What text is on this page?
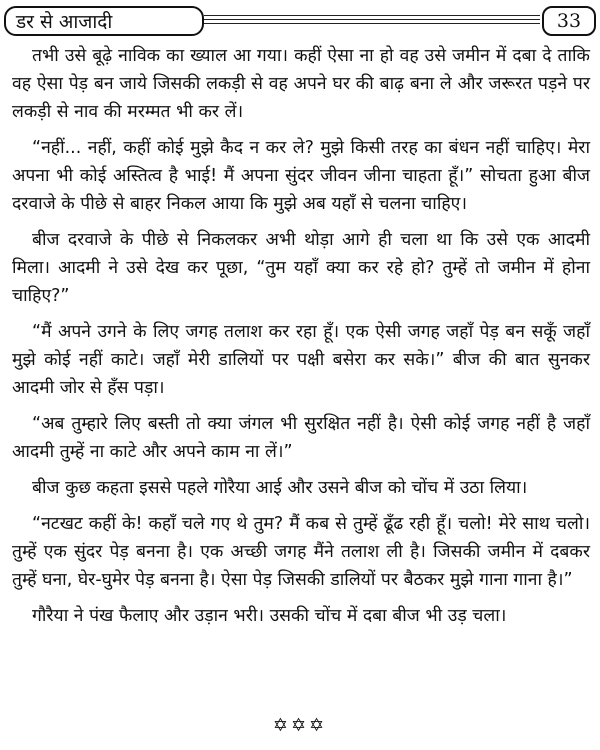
डर से आजादी	33

तभी उसे बूढ़े नाविक का ख्याल आ गया। कहीं ऐसा ना हो वह उसे जमीन में दबा दे ताकि वह ऐसा पेड़ बन जाये जिसकी लकड़ी से वह अपने घर की बाढ़ बना ले और जरूरत पड़ने पर लकड़ी से नाव की मरम्मत भी कर लें।

“नहीं... नहीं, कहीं कोई मुझे कैद न कर ले? मुझे किसी तरह का बंधन नहीं चाहिए। मेरा अपना भी कोई अस्तित्व है भाई! मैं अपना सुंदर जीवन जीना चाहता हूँ।” सोचता हुआ बीज दरवाजे के पीछे से बाहर निकल आया कि मुझे अब यहाँ से चलना चाहिए।

बीज दरवाजे के पीछे से निकलकर अभी थोड़ा आगे ही चला था कि उसे एक आदमी मिला। आदमी ने उसे देख कर पूछा, “तुम यहाँ क्या कर रहे हो? तुम्हें तो जमीन में होना चाहिए?”

“मैं अपने उगने के लिए जगह तलाश कर रहा हूँ। एक ऐसी जगह जहाँ पेड़ बन सकूँ जहाँ मुझे कोई नहीं काटे। जहाँ मेरी डालियों पर पक्षी बसेरा कर सके।” बीज की बात सुनकर आदमी जोर से हँस पड़ा।

“अब तुम्हारे लिए बस्ती तो क्या जंगल भी सुरक्षित नहीं है। ऐसी कोई जगह नहीं है जहाँ आदमी तुम्हें ना काटे और अपने काम ना लें।”

बीज कुछ कहता इससे पहले गोरैया आई और उसने बीज को चोंच में उठा लिया।

“नटखट कहीं के! कहाँ चले गए थे तुम? मैं कब से तुम्हें ढूँढ रही हूँ। चलो! मेरे साथ चलो। तुम्हें एक सुंदर पेड़ बनना है। एक अच्छी जगह मैंने तलाश ली है। जिसकी जमीन में दबकर तुम्हें घना, घेर-घुमेर पेड़ बनना है। ऐसा पेड़ जिसकी डालियों पर बैठकर मुझे गाना गाना है।”

गौरैया ने पंख फैलाए और उड़ान भरी। उसकी चोंच में दबा बीज भी उड़ चला।

✡✡✡
